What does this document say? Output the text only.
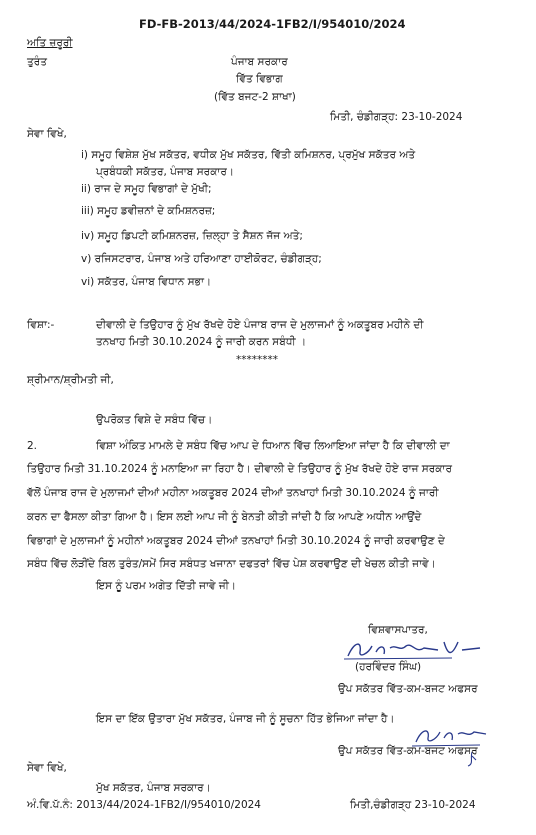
FD-FB-2013/44/2024-1FB2/I/954010/2024
ਅਤਿ ਜ਼ਰੂਰੀ
ਤੁਰੰਤ	ਪੰਜਾਬ ਸਰਕਾਰ
ਵਿੱਤ ਵਿਭਾਗ
(ਵਿੱਤ ਬਜਟ-2 ਸ਼ਾਖਾ)
ਮਿਤੀ, ਚੰਡੀਗੜ੍ਹ: 23-10-2024
ਸੇਵਾ ਵਿਖੇ,
i) ਸਮੂਹ ਵਿਸ਼ੇਸ਼ ਮੁੱਖ ਸਕੱਤਰ, ਵਧੀਕ ਮੁੱਖ ਸਕੱਤਰ, ਵਿੱਤੀ ਕਮਿਸ਼ਨਰ, ਪ੍ਰਮੁੱਖ ਸਕੱਤਰ ਅਤੇ
ਪ੍ਰਬੰਧਕੀ ਸਕੱਤਰ, ਪੰਜਾਬ ਸਰਕਾਰ।
ii) ਰਾਜ ਦੇ ਸਮੂਹ ਵਿਭਾਗਾਂ ਦੇ ਮੁੱਖੀ;
iii) ਸਮੂਹ ਡਵੀਜ਼ਨਾਂ ਦੇ ਕਮਿਸ਼ਨਰਜ਼;
iv) ਸਮੂਹ ਡਿਪਟੀ ਕਮਿਸ਼ਨਰਜ਼, ਜ਼ਿਲ੍ਹਾ ਤੇ ਸੈਸ਼ਨ ਜੱਜ ਅਤੇ;
v) ਰਜਿਸਟਰਾਰ, ਪੰਜਾਬ ਅਤੇ ਹਰਿਆਣਾ ਹਾਈਕੋਰਟ, ਚੰਡੀਗੜ੍ਹ;
vi) ਸਕੱਤਰ, ਪੰਜਾਬ ਵਿਧਾਨ ਸਭਾ।
ਵਿਸ਼ਾ:-	ਦੀਵਾਲੀ ਦੇ ਤਿਉਹਾਰ ਨੂੰ ਮੁੱਖ ਰੱਖਦੇ ਹੋਏ ਪੰਜਾਬ ਰਾਜ ਦੇ ਮੁਲਾਜਮਾਂ ਨੂੰ ਅਕਤੂਬਰ ਮਹੀਨੇ ਦੀ
ਤਨਖਾਹ ਮਿਤੀ 30.10.2024 ਨੂੰ ਜਾਰੀ ਕਰਨ ਸਬੰਧੀ ।
********
ਸ਼੍ਰੀਮਾਨ/ਸ਼੍ਰੀਮਤੀ ਜੀ,
ਉਪਰੋਕਤ ਵਿਸ਼ੇ ਦੇ ਸਬੰਧ ਵਿੱਚ।
2.	ਵਿਸ਼ਾ ਅੰਕਿਤ ਮਾਮਲੇ ਦੇ ਸਬੰਧ ਵਿੱਚ ਆਪ ਦੇ ਧਿਆਨ ਵਿੱਚ ਲਿਆਇਆ ਜਾਂਦਾ ਹੈ ਕਿ ਦੀਵਾਲੀ ਦਾ
ਤਿਉਹਾਰ ਮਿਤੀ 31.10.2024 ਨੂੰ ਮਨਾਇਆ ਜਾ ਰਿਹਾ ਹੈ। ਦੀਵਾਲੀ ਦੇ ਤਿਉਹਾਰ ਨੂੰ ਮੁੱਖ ਰੱਖਦੇ ਹੋਏ ਰਾਜ ਸਰਕਾਰ
ਵੱਲੋਂ ਪੰਜਾਬ ਰਾਜ ਦੇ ਮੁਲਾਜਮਾਂ ਦੀਆਂ ਮਹੀਨਾ ਅਕਤੂਬਰ 2024 ਦੀਆਂ ਤਨਖਾਹਾਂ ਮਿਤੀ 30.10.2024 ਨੂੰ ਜਾਰੀ
ਕਰਨ ਦਾ ਫੈਸਲਾ ਕੀਤਾ ਗਿਆ ਹੈ। ਇਸ ਲਈ ਆਪ ਜੀ ਨੂੰ ਬੇਨਤੀ ਕੀਤੀ ਜਾਂਦੀ ਹੈ ਕਿ ਆਪਣੇ ਅਧੀਨ ਆਉਂਦੇ
ਵਿਭਾਗਾਂ ਦੇ ਮੁਲਾਜਮਾਂ ਨੂੰ ਮਹੀਨਾਂ ਅਕਤੂਬਰ 2024 ਦੀਆਂ ਤਨਖਾਹਾਂ ਮਿਤੀ 30.10.2024 ਨੂੰ ਜਾਰੀ ਕਰਵਾਉਣ ਦੇ
ਸਬੰਧ ਵਿੱਚ ਲੋੜੀਂਦੇ ਬਿਲ ਤੁਰੰਤ/ਸਮੇਂ ਸਿਰ ਸਬੰਧਤ ਖਜਾਨਾ ਦਫਤਰਾਂ ਵਿੱਚ ਪੇਸ਼ ਕਰਵਾਉਣ ਦੀ ਖੇਚਲ ਕੀਤੀ ਜਾਵੇ।
ਇਸ ਨੂੰ ਪਰਮ ਅਗੇਤ ਦਿੱਤੀ ਜਾਵੇ ਜੀ।
ਵਿਸ਼ਵਾਸਪਾਤਰ,
(ਹਰਵਿੰਦਰ ਸਿੰਘ)
ਉਪ ਸਕੱਤਰ ਵਿੱਤ-ਕਮ-ਬਜਟ ਅਫਸਰ
ਇਸ ਦਾ ਇੱਕ ਉਤਾਰਾ ਮੁੱਖ ਸਕੱਤਰ, ਪੰਜਾਬ ਜੀ ਨੂੰ ਸੂਚਨਾ ਹਿੱਤ ਭੇਜਿਆ ਜਾਂਦਾ ਹੈ।
ਉਪ ਸਕੱਤਰ ਵਿੱਤ-ਕਮ-ਬਜਟ ਅਫਸਰ
ਸੇਵਾ ਵਿਖੇ,
ਮੁੱਖ ਸਕੱਤਰ, ਪੰਜਾਬ ਸਰਕਾਰ।
ਅੰ.ਵਿ.ਪੱ.ਨੰ: 2013/44/2024-1FB2/I/954010/2024	ਮਿਤੀ,ਚੰਡੀਗੜ੍ਹ 23-10-2024
